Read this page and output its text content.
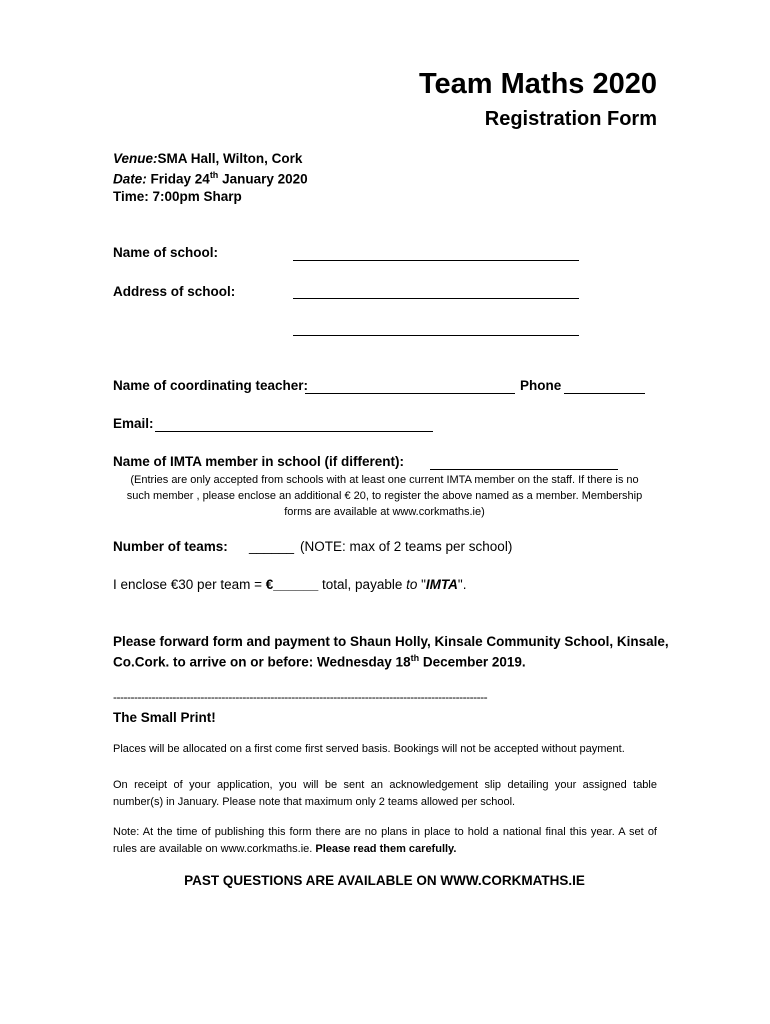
Team Maths 2020
Registration Form
Venue:SMA Hall, Wilton, Cork
Date: Friday 24th January 2020
Time: 7:00pm Sharp
Name of school:
Address of school:
Name of coordinating teacher:	Phone
Email:
Name of IMTA member in school (if different):
(Entries are only accepted from schools with at least one current IMTA member on the staff. If there is no
such member , please enclose an additional € 20, to register the above named as a member. Membership
forms are available at www.corkmaths.ie)
Number of teams: ______ (NOTE: max of 2 teams per school)
I enclose €30 per team = €______ total, payable to "IMTA".
Please forward form and payment to Shaun Holly, Kinsale Community School, Kinsale,
Co.Cork. to arrive on or before: Wednesday 18th December 2019.
-----------------------------------------------------------------------------------------------------------
The Small Print!
Places will be allocated on a first come first served basis. Bookings will not be accepted without payment.
On receipt of your application, you will be sent an acknowledgement slip detailing your assigned table number(s) in January. Please note that maximum only 2 teams allowed per school.
Note: At the time of publishing this form there are no plans in place to hold a national final this year. A set of rules are available on www.corkmaths.ie. Please read them carefully.
PAST QUESTIONS ARE AVAILABLE ON WWW.CORKMATHS.IE
